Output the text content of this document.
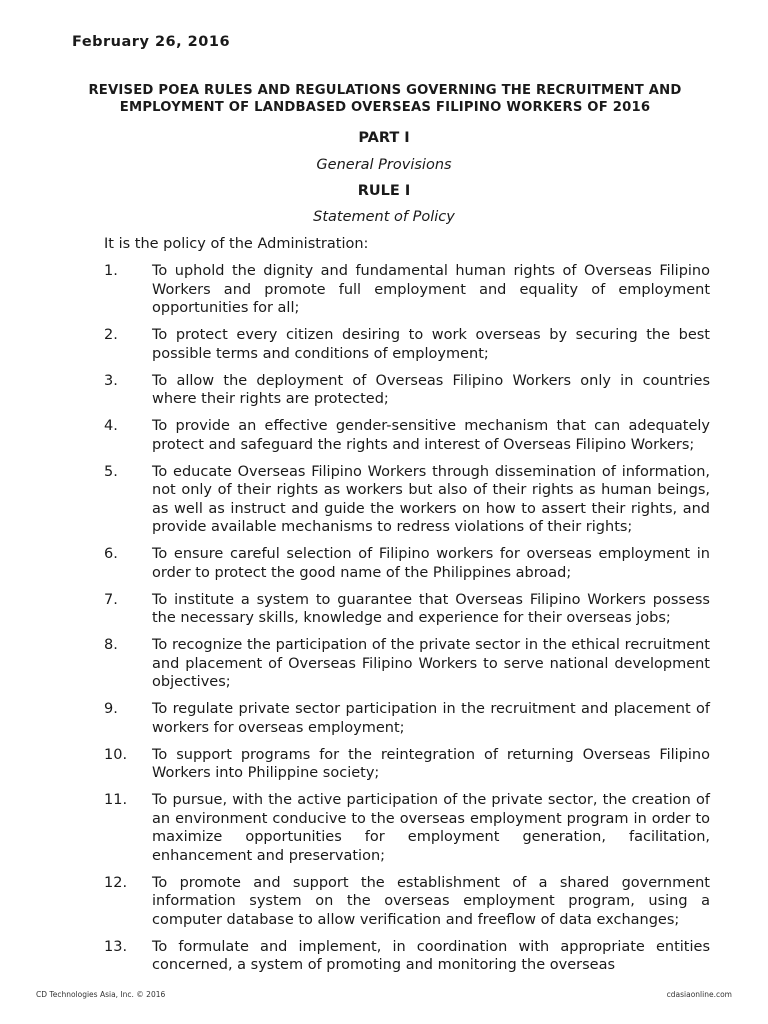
February 26, 2016
REVISED POEA RULES AND REGULATIONS GOVERNING THE RECRUITMENT AND EMPLOYMENT OF LANDBASED OVERSEAS FILIPINO WORKERS OF 2016
PART I
General Provisions
RULE I
Statement of Policy
It is the policy of the Administration:
1. To uphold the dignity and fundamental human rights of Overseas Filipino Workers and promote full employment and equality of employment opportunities for all;
2. To protect every citizen desiring to work overseas by securing the best possible terms and conditions of employment;
3. To allow the deployment of Overseas Filipino Workers only in countries where their rights are protected;
4. To provide an effective gender-sensitive mechanism that can adequately protect and safeguard the rights and interest of Overseas Filipino Workers;
5. To educate Overseas Filipino Workers through dissemination of information, not only of their rights as workers but also of their rights as human beings, as well as instruct and guide the workers on how to assert their rights, and provide available mechanisms to redress violations of their rights;
6. To ensure careful selection of Filipino workers for overseas employment in order to protect the good name of the Philippines abroad;
7. To institute a system to guarantee that Overseas Filipino Workers possess the necessary skills, knowledge and experience for their overseas jobs;
8. To recognize the participation of the private sector in the ethical recruitment and placement of Overseas Filipino Workers to serve national development objectives;
9. To regulate private sector participation in the recruitment and placement of workers for overseas employment;
10. To support programs for the reintegration of returning Overseas Filipino Workers into Philippine society;
11. To pursue, with the active participation of the private sector, the creation of an environment conducive to the overseas employment program in order to maximize opportunities for employment generation, facilitation, enhancement and preservation;
12. To promote and support the establishment of a shared government information system on the overseas employment program, using a computer database to allow verification and freeflow of data exchanges;
13. To formulate and implement, in coordination with appropriate entities concerned, a system of promoting and monitoring the overseas
CD Technologies Asia, Inc. © 2016	cdasiaonline.com
